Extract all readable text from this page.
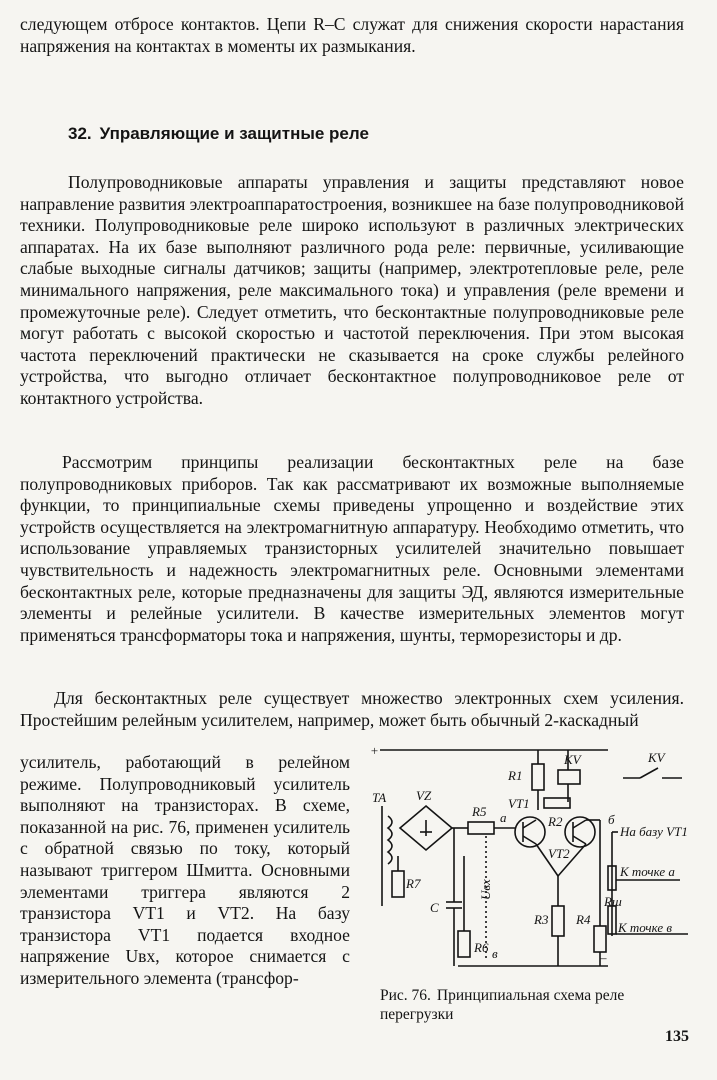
следующем отбросе контактов. Цепи R–C служат для снижения скорости нарастания напряжения на контактах в моменты их размыкания.

32. Управляющие и защитные реле

Полупроводниковые аппараты управления и защиты представляют новое направление развития электроаппаратостроения, возникшее на базе полупроводниковой техники. Полупроводниковые реле широко используют в различных электрических аппаратах. На их базе выполняют различного рода реле: первичные, усиливающие слабые выходные сигналы датчиков; защиты (например, электротепловые реле, реле минимального напряжения, реле максимального тока) и управления (реле времени и промежуточные реле). Следует отметить, что бесконтактные полупроводниковые реле могут работать с высокой скоростью и частотой переключения. При этом высокая частота переключений практически не сказывается на сроке службы релейного устройства, что выгодно отличает бесконтактное полупроводниковое реле от контактного устройства.

Рассмотрим принципы реализации бесконтактных реле на базе полупроводниковых приборов. Так как рассматривают их возможные выполняемые функции, то принципиальные схемы приведены упрощенно и воздействие этих устройств осуществляется на электромагнитную аппаратуру. Необходимо отметить, что использование управляемых транзисторных усилителей значительно повышает чувствительность и надежность электромагнитных реле. Основными элементами бесконтактных реле, которые предназначены для защиты ЭД, являются измерительные элементы и релейные усилители. В качестве измерительных элементов могут применяться трансформаторы тока и напряжения, шунты, терморезисторы и др.

Для бесконтактных реле существует множество электронных схем усиления. Простейшим релейным усилителем, например, может быть обычный 2-каскадный

усилитель, работающий в релейном режиме. Полупроводниковый усилитель выполняют на транзисторах. В схеме, показанной на рис. 76, применен усилитель с обратной связью по току, который называют триггером Шмитта. Основными элементами триггера являются 2 транзистора VT1 и VT2. На базу транзистора VT1 подается входное напряжение Uвх, которое снимается с измерительного элемента (трансфор-

+
–
R1
KV
R2
VT1
VT2
R3 R4
б
R5 а
VZ
TA
R7
C
R6 в
Uвх
KV
На базу VT1
К точке а
Rш
К точке в

Рис. 76. Принципиальная схема реле перегрузки

135
